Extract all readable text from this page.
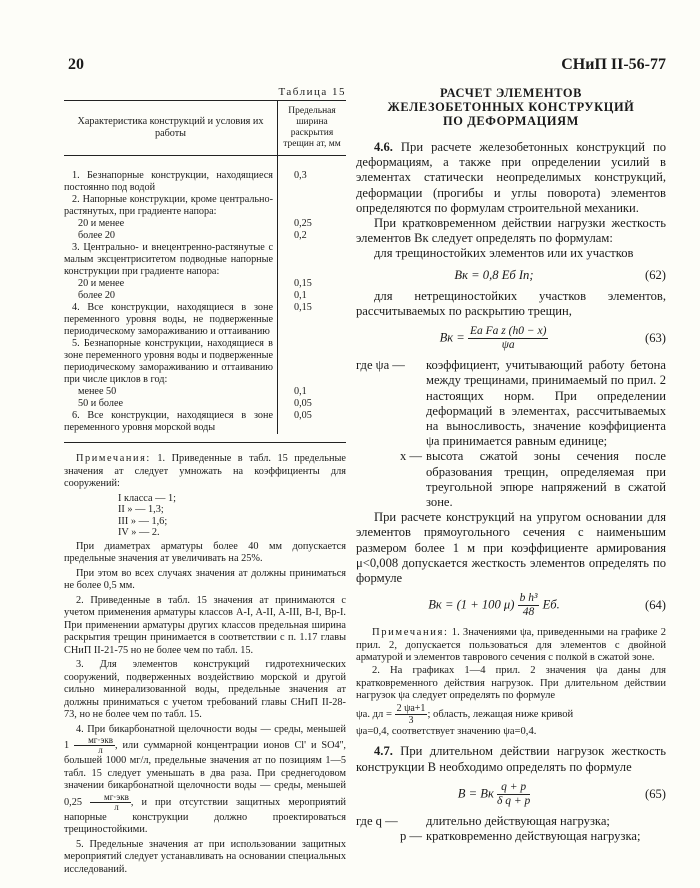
20	СНиП II-56-77
Таблица 15
Характеристика конструкций и условия их работы	Предельная ширина раскрытия трещин aт, мм

1. Безнапорные конструкции, находящиеся постоянно под водой	0,3

2. Напорные конструкции, кроме центрально-растянутых, при градиенте напора:	

20 и менее	0,25

более 20	0,2

3. Центрально- и внецентренно-растянутые с малым эксцентриситетом подводные напорные конструкции при градиенте напора:	

20 и менее	0,15

более 20	0,1

4. Все конструкции, находящиеся в зоне переменного уровня воды, не подверженные периодическому замораживанию и оттаиванию	0,15

5. Безнапорные конструкции, находящиеся в зоне переменного уровня воды и подверженные периодическому замораживанию и оттаиванию при числе циклов в год:	

менее 50	0,1

50 и более	0,05

6. Все конструкции, находящиеся в зоне переменного уровня морской воды	0,05

Примечания: 1. Приведенные в табл. 15 предельные значения aт следует умножать на коэффициенты для сооружений:

I класса — 1;
II » — 1,3;
III » — 1,6;
IV » — 2.

При диаметрах арматуры более 40 мм допускается предельные значения aт увеличивать на 25%.

При этом во всех случаях значения aт должны приниматься не более 0,5 мм.

2. Приведенные в табл. 15 значения aт принимаются с учетом применения арматуры классов A-I, A-II, A-III, B-I, Bр-I. При применении арматуры других классов предельная ширина раскрытия трещин принимается в соответствии с п. 1.17 главы СНиП II-21-75 но не более чем по табл. 15.

3. Для элементов конструкций гидротехнических сооружений, подверженных воздействию морской и другой сильно минерализованной воды, предельные значения aт должны приниматься с учетом требований главы СНиП II-28-73, но не более чем по табл. 15.

4. При бикарбонатной щелочности воды — среды, меньшей $1 \frac{\text{мг·экв}}{л}$ , или суммарной концентрации ионов Cl' и SO4'', большей 1000 мг/л, предельные значения aт по позициям 1—5 табл. 15 следует уменьшать в два раза. При среднегодовом значении бикарбонатной щелочности воды — среды, меньшей $0,25 \frac{\text{мг·экв}}{л}$ , и при отсутствии защитных мероприятий напорные конструкции должно проектироваться трещиностойкими.

5. Предельные значения aт при использовании защитных мероприятий следует устанавливать на основании специальных исследований.

РАСЧЕТ ЭЛЕМЕНТОВ
ЖЕЛЕЗОБЕТОННЫХ КОНСТРУКЦИЙ
ПО ДЕФОРМАЦИЯМ

4.6. При расчете железобетонных конструкций по деформациям, а также при определении усилий в элементах статически неопределимых конструкций, деформации (прогибы и углы поворота) элементов определяются по формулам строительной механики.

При кратковременном действии нагрузки жесткость элементов Bк следует определять по формулам:

для трещиностойких элементов или их участков

Bк = 0,8 Eб Iп;	(62)

для нетрещиностойких участков элементов, рассчитываемых по раскрытию трещин,

Bк = $\frac{\text{Ea Fa z (h0 − x)}}{\psi a}$	(63)
где ψa —	коэффициент, учитывающий работу бетона между трещинами, принимаемый по прил. 2 настоящих норм. При определении деформаций в элементах, рассчитываемых на выносливость, значение коэффициента ψa принимается равным единице;
x — высота сжатой зоны сечения после образования трещин, определяемая при треугольной эпюре напряжений в сжатой зоне.

При расчете конструкций на упругом основании для элементов прямоугольного сечения с наименьшим размером более 1 м при коэффициенте армирования μ<0,008 допускается жесткость элементов определять по формуле

Bк = (1 + 100 $\mu) \frac{\text{b h³}}{48}$ Eб.	(64)

Примечания: 1. Значениями ψa, приведенными на графике 2 прил. 2, допускается пользоваться для элементов с двойной арматурой и элементов таврового сечения с полкой в сжатой зоне.

2. На графиках 1—4 прил. 2 значения ψa даны для кратковременного действия нагрузок. При длительном действии нагрузок ψa следует определять по формуле

ψa. дл = $\frac{2 \psi a+1}{3}$ ; область, лежащая ниже кривой

ψa=0,4, соответствует значению ψa=0,4.

4.7. При длительном действии нагрузок жесткость конструкции B необходимо определять по формуле

B = Bк $\frac{q + p}{\text{δ q + p}}$	(65)
где q —	длительно действующая нагрузка;
p — кратковременно действующая нагрузка;
